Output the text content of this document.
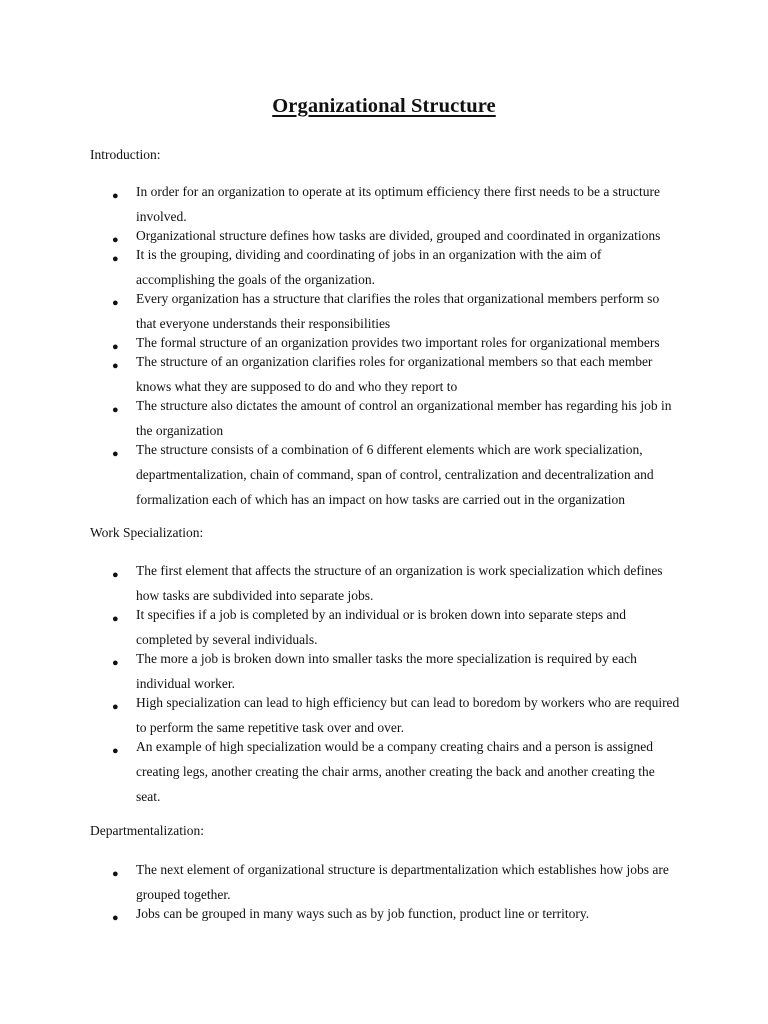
Organizational Structure
Introduction:
● In order for an organization to operate at its optimum efficiency there first needs to be a structure involved.
● Organizational structure defines how tasks are divided, grouped and coordinated in organizations
● It is the grouping, dividing and coordinating of jobs in an organization with the aim of accomplishing the goals of the organization.
● Every organization has a structure that clarifies the roles that organizational members perform so that everyone understands their responsibilities
● The formal structure of an organization provides two important roles for organizational members
● The structure of an organization clarifies roles for organizational members so that each member knows what they are supposed to do and who they report to
● The structure also dictates the amount of control an organizational member has regarding his job in the organization
● The structure consists of a combination of 6 different elements which are work specialization, departmentalization, chain of command, span of control, centralization and decentralization and formalization each of which has an impact on how tasks are carried out in the organization
Work Specialization:
● The first element that affects the structure of an organization is work specialization which defines how tasks are subdivided into separate jobs.
● It specifies if a job is completed by an individual or is broken down into separate steps and completed by several individuals.
● The more a job is broken down into smaller tasks the more specialization is required by each individual worker.
● High specialization can lead to high efficiency but can lead to boredom by workers who are required to perform the same repetitive task over and over.
● An example of high specialization would be a company creating chairs and a person is assigned creating legs, another creating the chair arms, another creating the back and another creating the seat.
Departmentalization:
● The next element of organizational structure is departmentalization which establishes how jobs are grouped together.
● Jobs can be grouped in many ways such as by job function, product line or territory.
